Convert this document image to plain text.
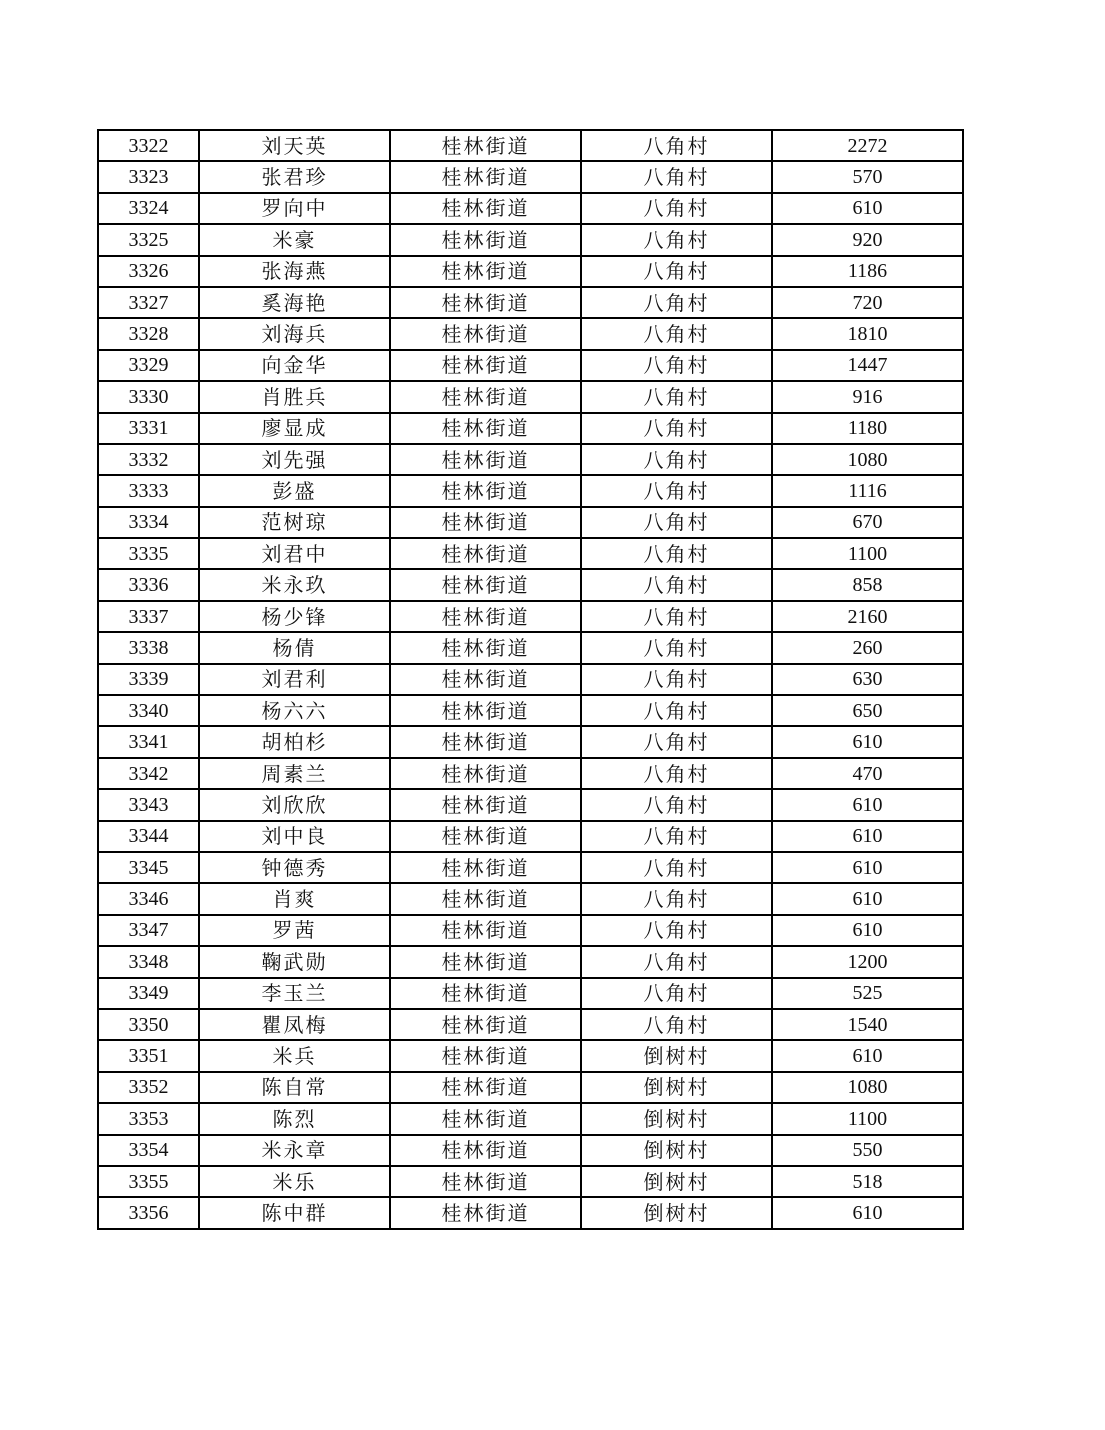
3322	刘天英	桂林街道	八角村	2272
3323	张君珍	桂林街道	八角村	570
3324	罗向中	桂林街道	八角村	610
3325	米豪	桂林街道	八角村	920
3326	张海燕	桂林街道	八角村	1186
3327	奚海艳	桂林街道	八角村	720
3328	刘海兵	桂林街道	八角村	1810
3329	向金华	桂林街道	八角村	1447
3330	肖胜兵	桂林街道	八角村	916
3331	廖显成	桂林街道	八角村	1180
3332	刘先强	桂林街道	八角村	1080
3333	彭盛	桂林街道	八角村	1116
3334	范树琼	桂林街道	八角村	670
3335	刘君中	桂林街道	八角村	1100
3336	米永玖	桂林街道	八角村	858
3337	杨少锋	桂林街道	八角村	2160
3338	杨倩	桂林街道	八角村	260
3339	刘君利	桂林街道	八角村	630
3340	杨六六	桂林街道	八角村	650
3341	胡柏杉	桂林街道	八角村	610
3342	周素兰	桂林街道	八角村	470
3343	刘欣欣	桂林街道	八角村	610
3344	刘中良	桂林街道	八角村	610
3345	钟德秀	桂林街道	八角村	610
3346	肖爽	桂林街道	八角村	610
3347	罗茜	桂林街道	八角村	610
3348	鞠武勋	桂林街道	八角村	1200
3349	李玉兰	桂林街道	八角村	525
3350	瞿凤梅	桂林街道	八角村	1540
3351	米兵	桂林街道	倒树村	610
3352	陈自常	桂林街道	倒树村	1080
3353	陈烈	桂林街道	倒树村	1100
3354	米永章	桂林街道	倒树村	550
3355	米乐	桂林街道	倒树村	518
3356	陈中群	桂林街道	倒树村	610
